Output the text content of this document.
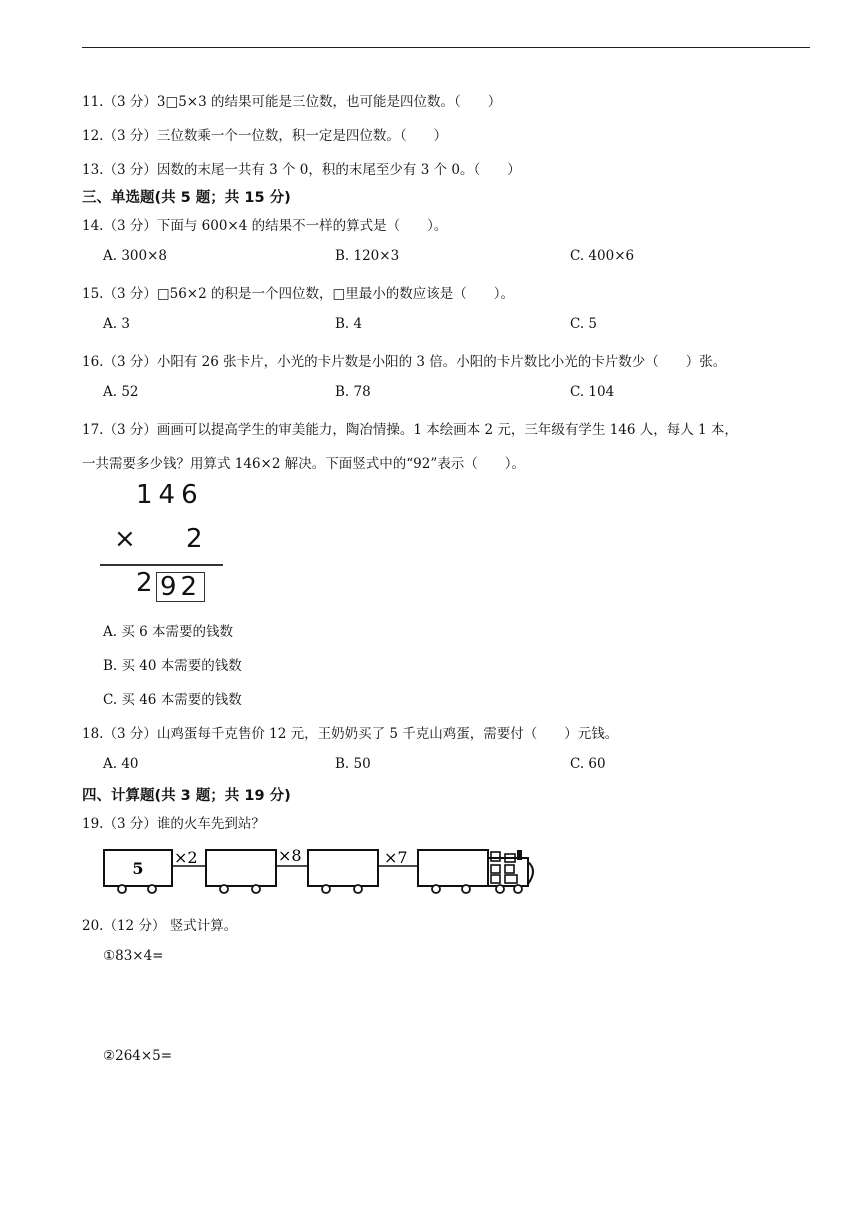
11.（3 分）3□5×3 的结果可能是三位数，也可能是四位数。（　　）
12.（3 分）三位数乘一个一位数，积一定是四位数。（　　）
13.（3 分）因数的末尾一共有 3 个 0，积的末尾至少有 3 个 0。（　　）
三、单选题(共 5 题；共 15 分)
14.（3 分）下面与 600×4 的结果不一样的算式是（　　）。
A. 300×8	B. 120×3	C. 400×6
15.（3 分）□56×2 的积是一个四位数，□里最小的数应该是（　　）。
A. 3	B. 4	C. 5
16.（3 分）小阳有 26 张卡片，小光的卡片数是小阳的 3 倍。小阳的卡片数比小光的卡片数少（　　）张。
A. 52	B. 78	C. 104
17.（3 分）画画可以提高学生的审美能力，陶冶情操。1 本绘画本 2 元，三年级有学生 146 人，每人 1 本，
一共需要多少钱？用算式 146×2 解决。下面竖式中的“92”表示（　　）。
146
× 2
2 92
A. 买 6 本需要的钱数
B. 买 40 本需要的钱数
C. 买 46 本需要的钱数
18.（3 分）山鸡蛋每千克售价 12 元，王奶奶买了 5 千克山鸡蛋，需要付（　　）元钱。
A. 40	B. 50	C. 60
四、计算题(共 3 题；共 19 分)
19.（3 分）谁的火车先到站？
5
×2	×8	×7
20.（12 分） 竖式计算。
①83×4=
②264×5=
